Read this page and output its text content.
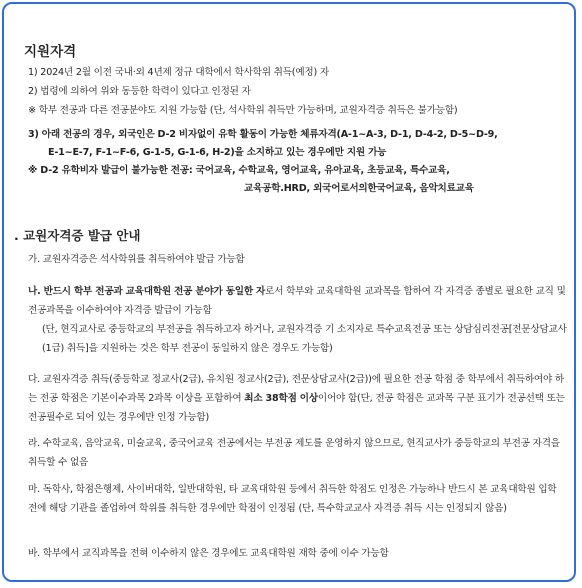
지원자격
1) 2024년 2월 이전 국내·외 4년제 정규 대학에서 학사학위 취득(예정) 자
2) 법령에 의하여 위와 동등한 학력이 있다고 인정된 자
※ 학부 전공과 다른 전공분야도 지원 가능함 (단, 석사학위 취득만 가능하며, 교원자격증 취득은 불가능함)
3) 아래 전공의 경우, 외국인은 D-2 비자없이 유학 활동이 가능한 체류자격(A-1~A-3, D-1, D-4-2, D-5~D-9,
E-1~E-7, F-1~F-6, G-1-5, G-1-6, H-2)을 소지하고 있는 경우에만 지원 가능
※ D-2 유학비자 발급이 불가능한 전공: 국어교육, 수학교육, 영어교육, 유아교육, 초등교육, 특수교육,
교육공학.HRD, 외국어로서의한국어교육, 음악치료교육
. 교원자격증 발급 안내
가. 교원자격증은 석사학위를 취득하여야 발급 가능함
나. 반드시 학부 전공과 교육대학원 전공 분야가 동일한 자로서 학부와 교육대학원 교과목을 합하여 각 자격증 종별로 필요한 교직 및 전공과목을 이수하여야 자격증 발급이 가능함
(단, 현직교사로 중등학교의 부전공을 취득하고자 하거나, 교원자격증 기 소지자로 특수교육전공 또는 상담심리전공[전문상담교사(1급) 취득]을 지원하는 것은 학부 전공이 동일하지 않은 경우도 가능함)
다. 교원자격증 취득(중등학교 정교사(2급), 유치원 정교사(2급), 전문상담교사(2급))에 필요한 전공 학점 중 학부에서 취득하여야 하는 전공 학점은 기본이수과목 2과목 이상을 포함하여 최소 38학점 이상이어야 함(단, 전공 학점은 교과목 구분 표기가 전공선택 또는 전공필수로 되어 있는 경우에만 인정 가능함)
라. 수학교육, 음악교육, 미술교육, 중국어교육 전공에서는 부전공 제도를 운영하지 않으므로, 현직교사가 중등학교의 부전공 자격을 취득할 수 없음
마. 독학사, 학점은행제, 사이버대학, 일반대학원, 타 교육대학원 등에서 취득한 학점도 인정은 가능하나 반드시 본 교육대학원 입학 전에 해당 기관을 졸업하여 학위를 취득한 경우에만 학점이 인정됨 (단, 특수학교교사 자격증 취득 시는 인정되지 않음)
바. 학부에서 교직과목을 전혀 이수하지 않은 경우에도 교육대학원 재학 중에 이수 가능함
